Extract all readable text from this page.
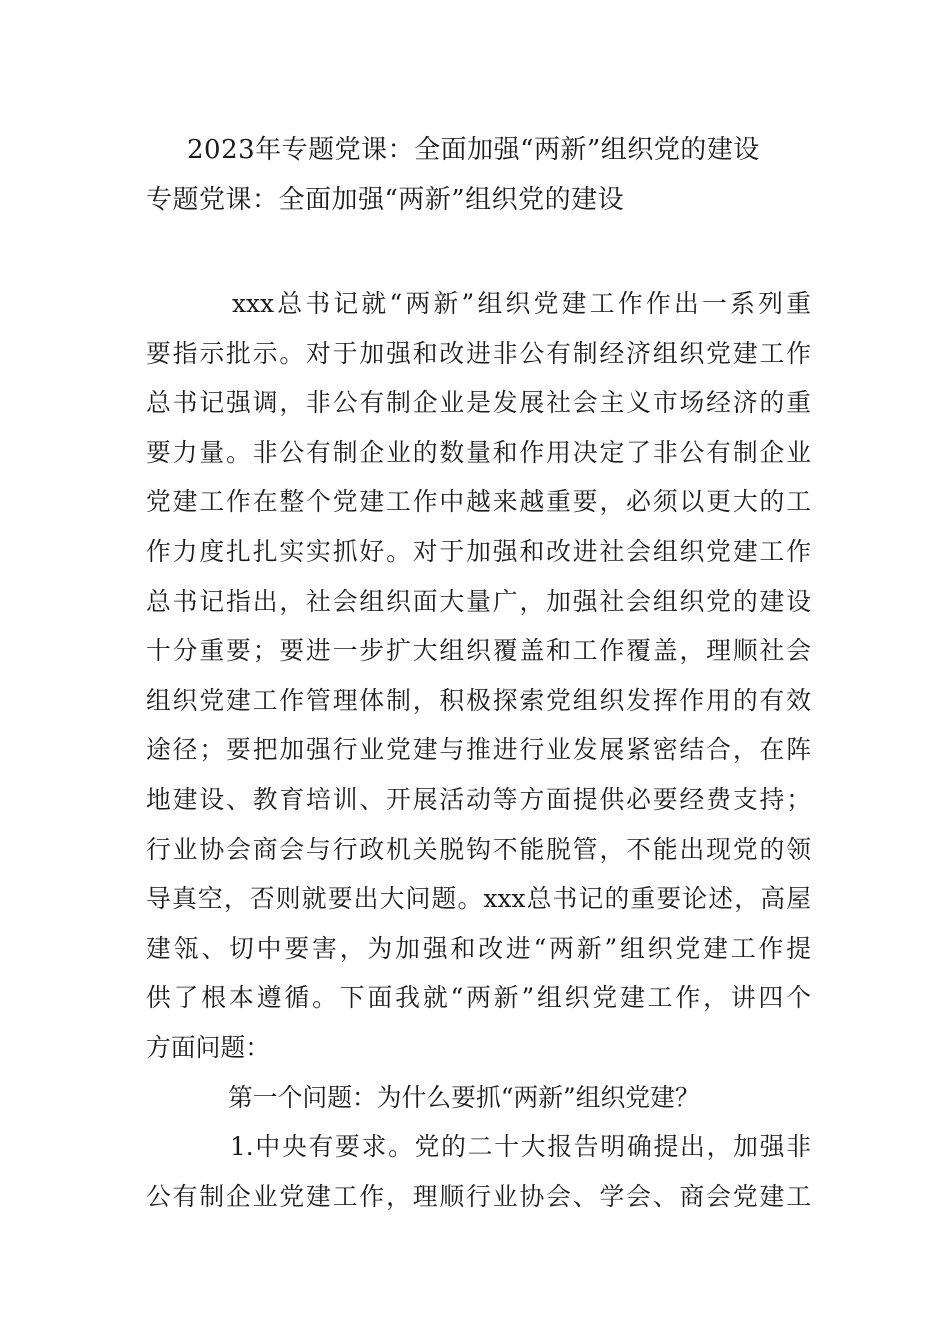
2023年专题党课：全面加强“两新”组织党的建设
专题党课：全面加强“两新”组织党的建设
xxx总书记就“两新”组织党建工作作出一系列重
要指示批示。对于加强和改进非公有制经济组织党建工作
总书记强调，非公有制企业是发展社会主义市场经济的重
要力量。非公有制企业的数量和作用决定了非公有制企业
党建工作在整个党建工作中越来越重要，必须以更大的工
作力度扎扎实实抓好。对于加强和改进社会组织党建工作
总书记指出，社会组织面大量广，加强社会组织党的建设
十分重要；要进一步扩大组织覆盖和工作覆盖，理顺社会
组织党建工作管理体制，积极探索党组织发挥作用的有效
途径；要把加强行业党建与推进行业发展紧密结合，在阵
地建设、教育培训、开展活动等方面提供必要经费支持；
行业协会商会与行政机关脱钩不能脱管，不能出现党的领
导真空，否则就要出大问题。xxx总书记的重要论述，高屋
建瓴、切中要害，为加强和改进“两新”组织党建工作提
供了根本遵循。下面我就“两新”组织党建工作，讲四个
方面问题：
第一个问题：为什么要抓“两新”组织党建？
1.中央有要求。党的二十大报告明确提出，加强非
公有制企业党建工作，理顺行业协会、学会、商会党建工
